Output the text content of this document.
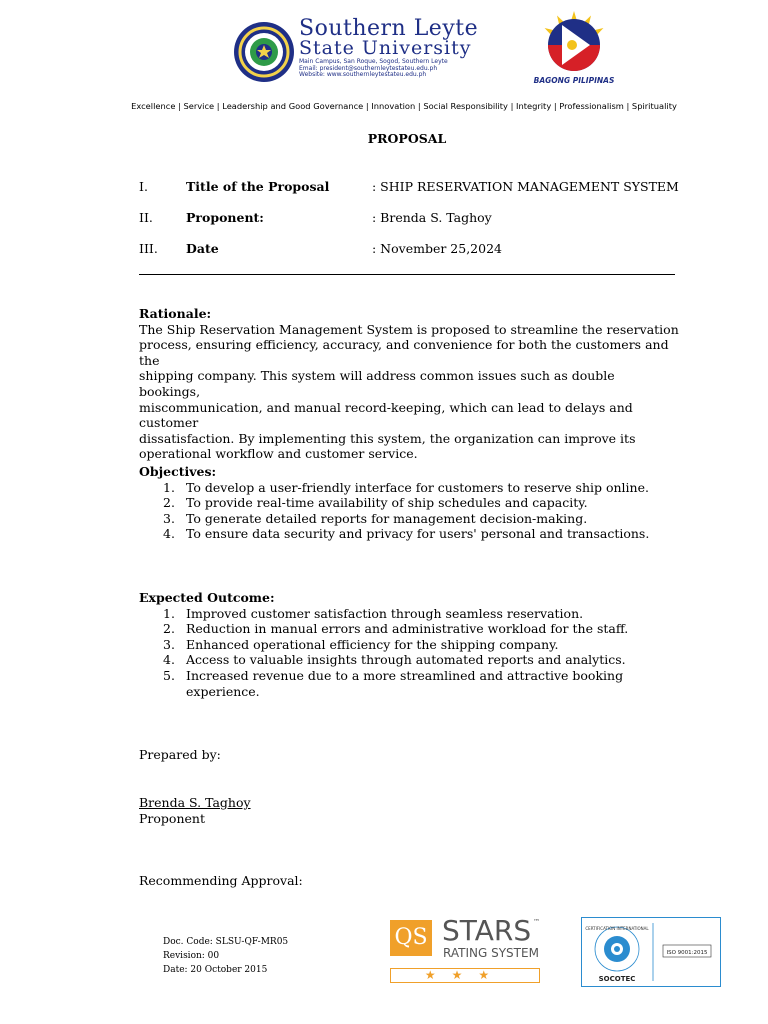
Southern Leyte
State University
Main Campus, San Roque, Sogod, Southern Leyte
Email: president@southernleytestateu.edu.ph
Website: www.southernleytestateu.edu.ph
BAGONG PILIPINAS
Excellence | Service | Leadership and Good Governance | Innovation | Social Responsibility | Integrity | Professionalism | Spirituality
PROPOSAL
I.	Title of the Proposal	: SHIP RESERVATION MANAGEMENT SYSTEM
II.	Proponent:	: Brenda S. Taghoy
III. Date	: November 25,2024
Rationale:
The Ship Reservation Management System is proposed to streamline the reservation
process, ensuring efficiency, accuracy, and convenience for both the customers and the
shipping company. This system will address common issues such as double bookings,
miscommunication, and manual record-keeping, which can lead to delays and customer
dissatisfaction. By implementing this system, the organization can improve its
operational workflow and customer service.
Objectives:
1. To develop a user-friendly interface for customers to reserve ship online.
2. To provide real-time availability of ship schedules and capacity.
3. To generate detailed reports for management decision-making.
4. To ensure data security and privacy for users' personal and transactions.
Expected Outcome:
1. Improved customer satisfaction through seamless reservation.
2. Reduction in manual errors and administrative workload for the staff.
3. Enhanced operational efficiency for the shipping company.
4. Access to valuable insights through automated reports and analytics.
5. Increased revenue due to a more streamlined and attractive booking experience.
Prepared by:
Brenda S. Taghoy
Proponent
Recommending Approval:
Doc. Code: SLSU-QF-MR05
Revision: 00
Date: 20 October 2015
QS STARS ™
RATING SYSTEM
★★★
CERTIFICATION INTERNATIONAL
SOCOTEC
ISO 9001:2015
